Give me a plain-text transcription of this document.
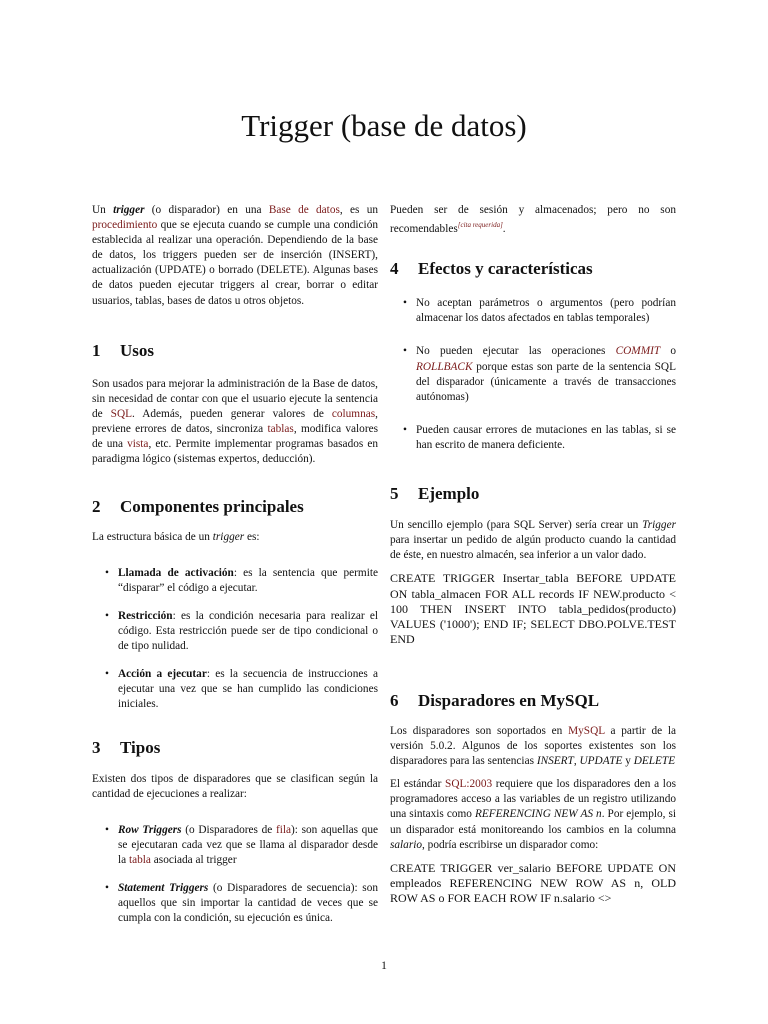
Trigger (base de datos)

Un trigger (o disparador) en una Base de datos, es un procedimiento que se ejecuta cuando se cumple una condición establecida al realizar una operación. Dependiendo de la base de datos, los triggers pueden ser de inserción (INSERT), actualización (UPDATE) o borrado (DELETE). Algunas bases de datos pueden ejecutar triggers al crear, borrar o editar usuarios, tablas, bases de datos u otros objetos.

1 Usos

Son usados para mejorar la administración de la Base de datos, sin necesidad de contar con que el usuario ejecute la sentencia de SQL. Además, pueden generar valores de columnas, previene errores de datos, sincroniza tablas, modifica valores de una vista, etc. Permite implementar programas basados en paradigma lógico (sistemas expertos, deducción).

2 Componentes principales

La estructura básica de un trigger es:

• Llamada de activación: es la sentencia que permite “disparar” el código a ejecutar.
• Restricción: es la condición necesaria para realizar el código. Esta restricción puede ser de tipo condicional o de tipo nulidad.
• Acción a ejecutar: es la secuencia de instrucciones a ejecutar una vez que se han cumplido las condiciones iniciales.
3 Tipos

Existen dos tipos de disparadores que se clasifican según la cantidad de ejecuciones a realizar:

• Row Triggers (o Disparadores de fila): son aquellas que se ejecutaran cada vez que se llama al disparador desde la tabla asociada al trigger
• Statement Triggers (o Disparadores de secuencia): son aquellos que sin importar la cantidad de veces que se cumpla con la condición, su ejecución es única.

Pueden ser de sesión y almacenados; pero no son recomendables[cita requerida].

4 Efectos y características
• No aceptan parámetros o argumentos (pero podrían almacenar los datos afectados en tablas temporales)
• No pueden ejecutar las operaciones COMMIT o ROLLBACK porque estas son parte de la sentencia SQL del disparador (únicamente a través de transacciones autónomas)
• Pueden causar errores de mutaciones en las tablas, si se han escrito de manera deficiente.
5 Ejemplo

Un sencillo ejemplo (para SQL Server) sería crear un Trigger para insertar un pedido de algún producto cuando la cantidad de éste, en nuestro almacén, sea inferior a un valor dado.

CREATE TRIGGER Insertar_tabla BEFORE UPDATE ON tabla_almacen FOR ALL records IF NEW.producto < 100 THEN INSERT INTO tabla_pedidos(producto) VALUES ('1000'); END IF; SELECT DBO.POLVE.TEST END

6 Disparadores en MySQL

Los disparadores son soportados en MySQL a partir de la versión 5.0.2. Algunos de los soportes existentes son los disparadores para las sentencias INSERT, UPDATE y DELETE

El estándar SQL:2003 requiere que los disparadores den a los programadores acceso a las variables de un registro utilizando una sintaxis como REFERENCING NEW AS n. Por ejemplo, si un disparador está monitoreando los cambios en la columna salario, podría escribirse un disparador como:

CREATE TRIGGER ver_salario BEFORE UPDATE ON empleados REFERENCING NEW ROW AS n, OLD ROW AS o FOR EACH ROW IF n.salario <>

1
